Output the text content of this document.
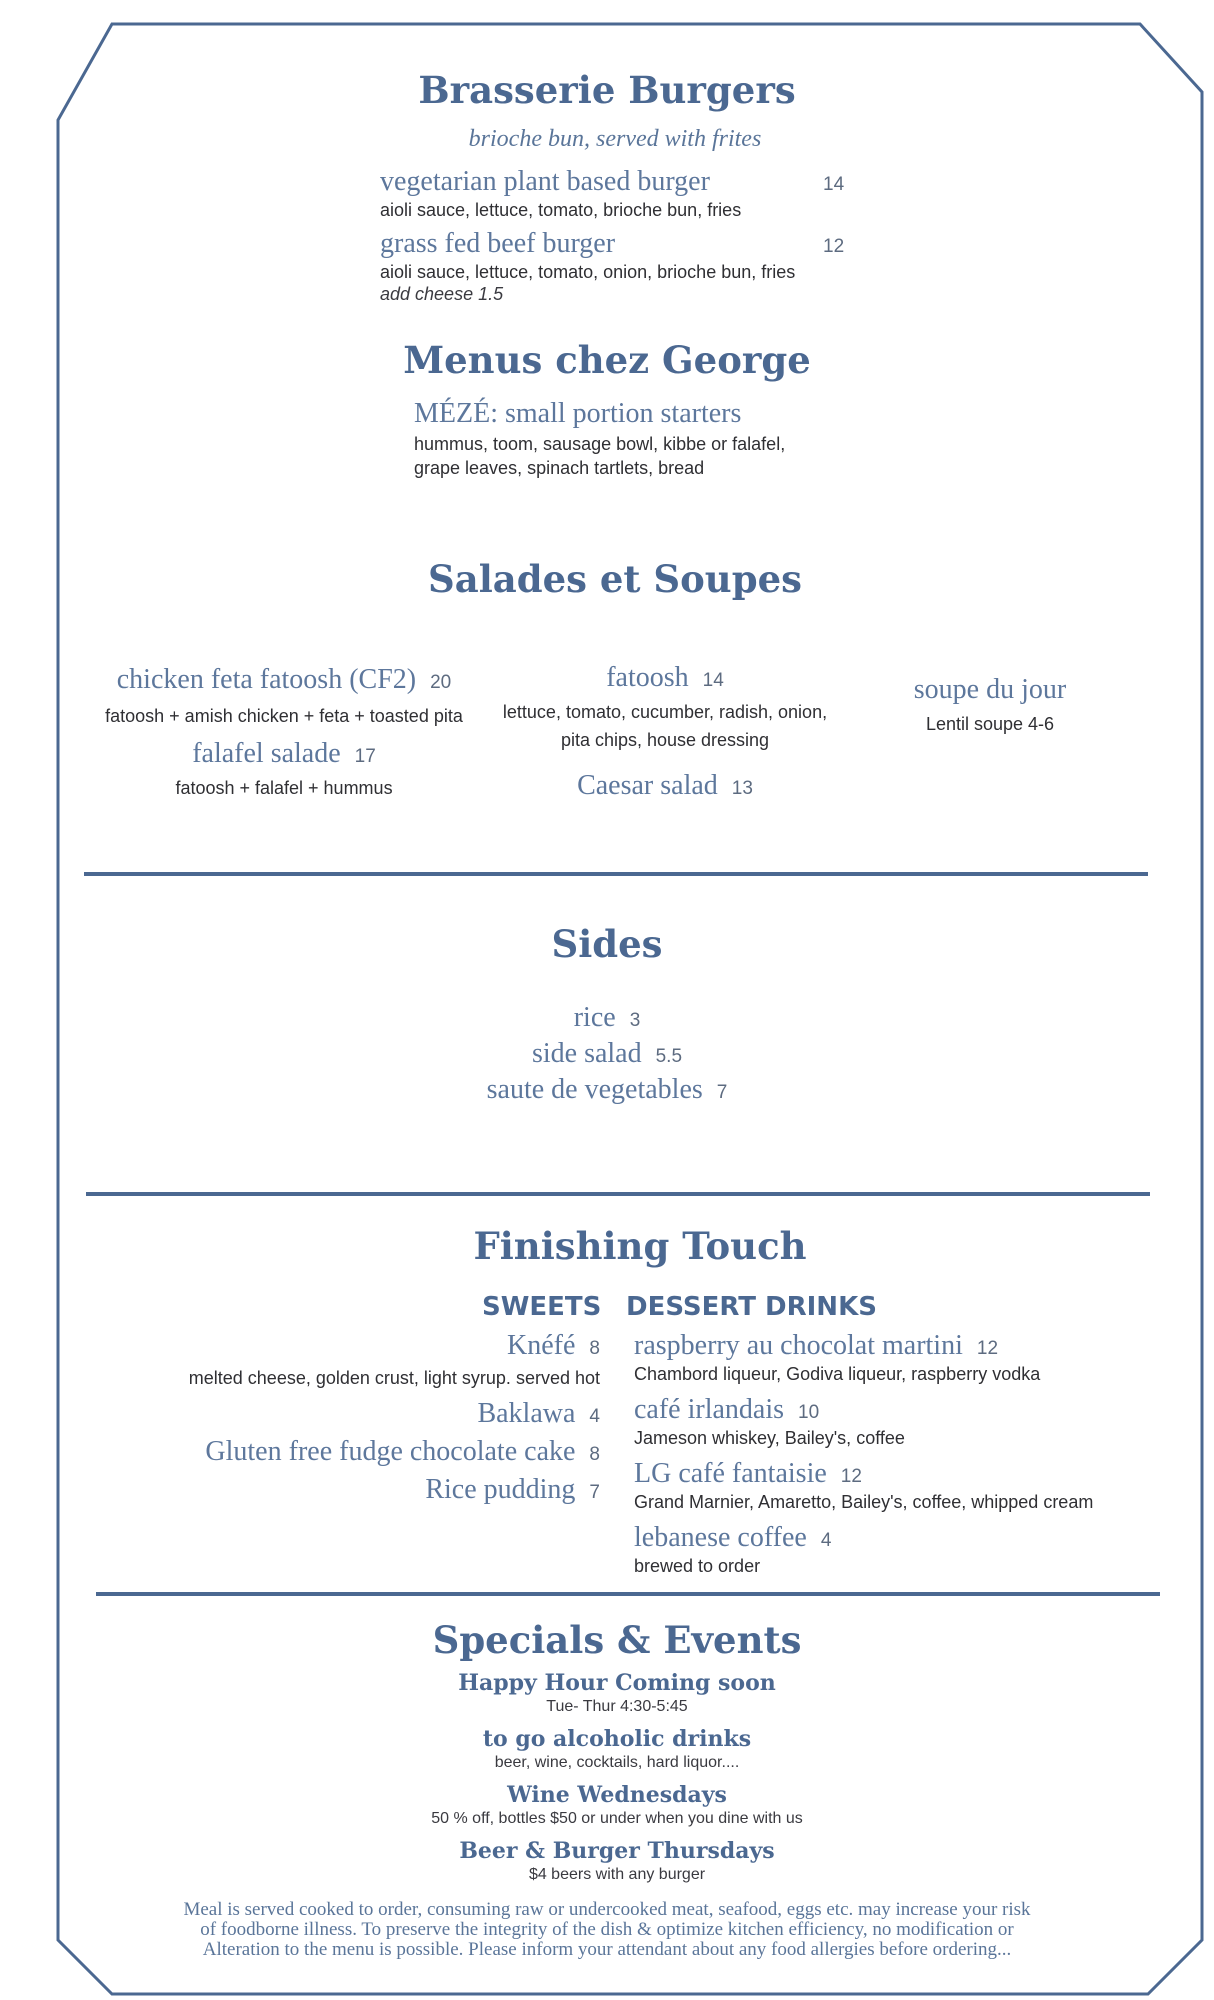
Brasserie Burgers
brioche bun, served with frites
vegetarian plant based burger	14
aioli sauce, lettuce, tomato, brioche bun, fries
grass fed beef burger	12
aioli sauce, lettuce, tomato, onion, brioche bun, fries
add cheese 1.5
Menus chez George
MÉZÉ: small portion starters
hummus, toom, sausage bowl, kibbe or falafel,
grape leaves, spinach tartlets, bread
Salades et Soupes
chicken feta fatoosh (CF2) 20
fatoosh + amish chicken + feta + toasted pita
falafel salade 17
fatoosh + falafel + hummus
fatoosh 14
lettuce, tomato, cucumber, radish, onion,
pita chips, house dressing
Caesar salad 13
soupe du jour
Lentil soupe 4-6
Sides
rice 3
side salad 5.5
saute de vegetables 7
Finishing Touch
SWEETS DESSERT DRINKS
Knéfé 8
melted cheese, golden crust, light syrup. served hot
Baklawa 4
Gluten free fudge chocolate cake 8
Rice pudding 7
raspberry au chocolat martini 12
Chambord liqueur, Godiva liqueur, raspberry vodka
café irlandais 10
Jameson whiskey, Bailey's, coffee
LG café fantaisie 12
Grand Marnier, Amaretto, Bailey's, coffee, whipped cream
lebanese coffee 4
brewed to order
Specials & Events
Happy Hour Coming soon
Tue- Thur 4:30-5:45
to go alcoholic drinks
beer, wine, cocktails, hard liquor....
Wine Wednesdays
50 % off, bottles $50 or under when you dine with us
Beer & Burger Thursdays
$4 beers with any burger
Meal is served cooked to order, consuming raw or undercooked meat, seafood, eggs etc. may increase your risk
of foodborne illness. To preserve the integrity of the dish & optimize kitchen efficiency, no modification or
Alteration to the menu is possible. Please inform your attendant about any food allergies before ordering...
